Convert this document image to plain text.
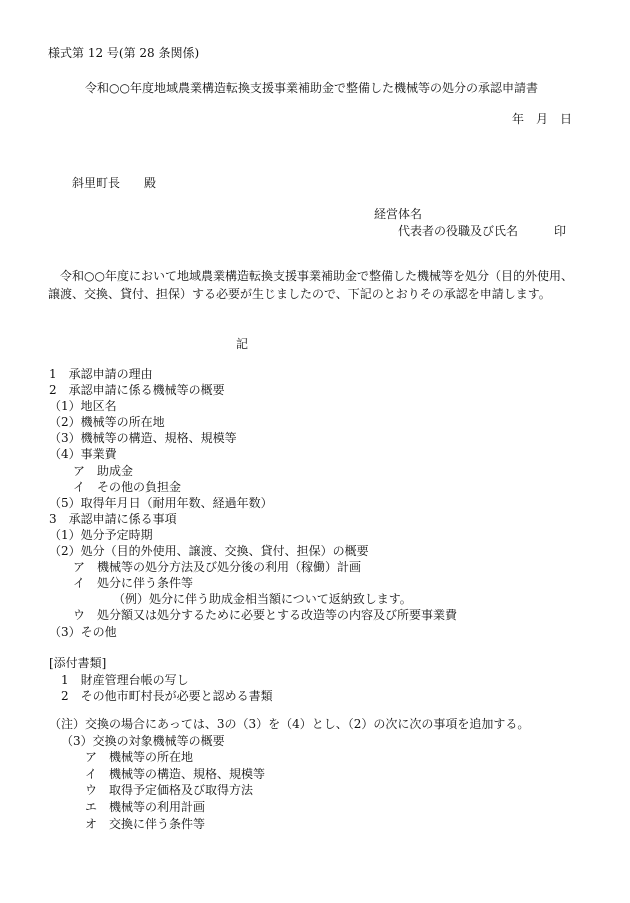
様式第 12 号(第 28 条関係)
令和○○年度地域農業構造転換支援事業補助金で整備した機械等の処分の承認申請書
年　月　日
斜里町長　　殿
経営体名
代表者の役職及び氏名　　　印
令和○○年度において地域農業構造転換支援事業補助金で整備した機械等を処分（目的外使用、譲渡、交換、貸付、担保）する必要が生じましたので、下記のとおりその承認を申請します。
記
1　承認申請の理由
2　承認申請に係る機械等の概要
（1）地区名
（2）機械等の所在地
（3）機械等の構造、規格、規模等
（4）事業費
ア　助成金
イ　その他の負担金
（5）取得年月日（耐用年数、経過年数）
3　承認申請に係る事項
（1）処分予定時期
（2）処分（目的外使用、譲渡、交換、貸付、担保）の概要
ア　機械等の処分方法及び処分後の利用（稼働）計画
イ　処分に伴う条件等
（例）処分に伴う助成金相当額について返納致します。
ウ　処分額又は処分するために必要とする改造等の内容及び所要事業費
（3）その他
[添付書類]
1　財産管理台帳の写し
2　その他市町村長が必要と認める書類
（注）交換の場合にあっては、3の（3）を（4）とし、（2）の次に次の事項を追加する。
（3）交換の対象機械等の概要
ア　機械等の所在地
イ　機械等の構造、規格、規模等
ウ　取得予定価格及び取得方法
エ　機械等の利用計画
オ　交換に伴う条件等
